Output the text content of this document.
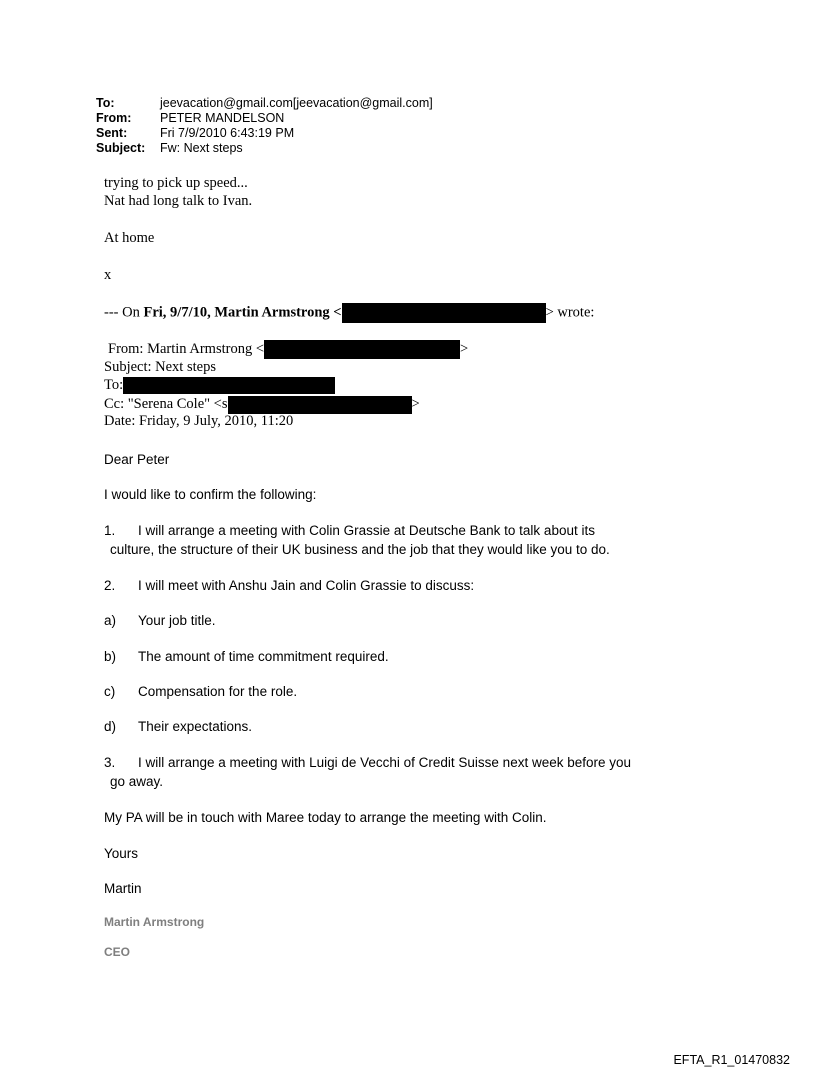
To:	jeevacation@gmail.com[jeevacation@gmail.com]
From:	PETER MANDELSON
Sent:	Fri 7/9/2010 6:43:19 PM
Subject:	Fw: Next steps
trying to pick up speed...
Nat had long talk to Ivan.
At home
x
--- On Fri, 9/7/10, Martin Armstrong <	> wrote:
From: Martin Armstrong <	>
Subject: Next steps
To:
Cc: "Serena Cole" <s	>
Date: Friday, 9 July, 2010, 11:20
Dear Peter
I would like to confirm the following:
1. I will arrange a meeting with Colin Grassie at Deutsche Bank to talk about its
culture, the structure of their UK business and the job that they would like you to do.
2. I will meet with Anshu Jain and Colin Grassie to discuss:
a) Your job title.
b) The amount of time commitment required.
c) Compensation for the role.
d) Their expectations.
3. I will arrange a meeting with Luigi de Vecchi of Credit Suisse next week before you
go away.
My PA will be in touch with Maree today to arrange the meeting with Colin.
Yours
Martin
Martin Armstrong
CEO
EFTA_R1_01470832
